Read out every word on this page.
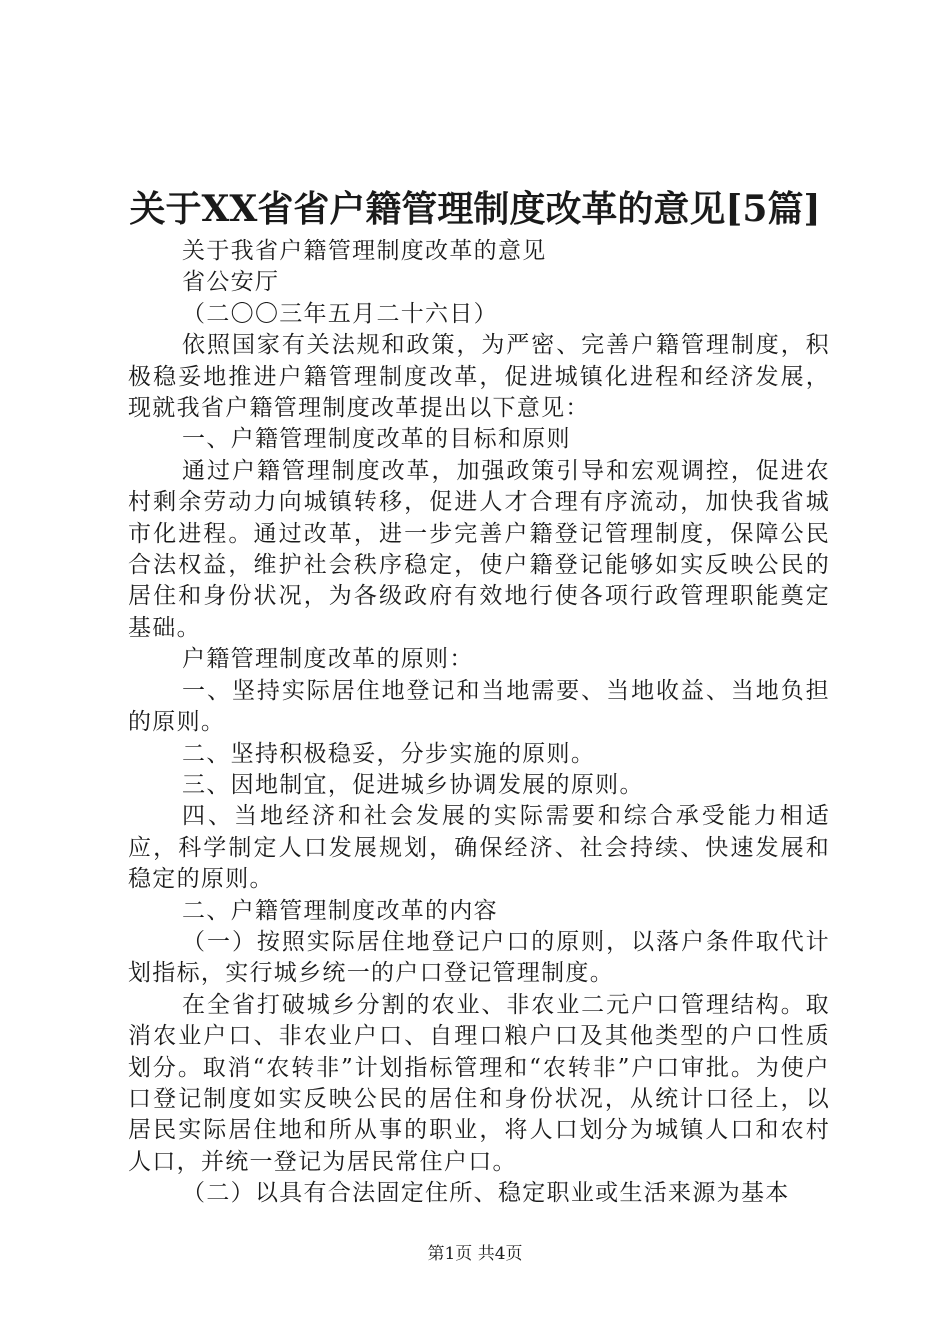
关于XX省省户籍管理制度改革的意见[5篇]

关于我省户籍管理制度改革的意见

省公安厅

（二〇〇三年五月二十六日）

依照国家有关法规和政策，为严密、完善户籍管理制度，积极稳妥地推进户籍管理制度改革，促进城镇化进程和经济发展，现就我省户籍管理制度改革提出以下意见：

一、户籍管理制度改革的目标和原则

通过户籍管理制度改革，加强政策引导和宏观调控，促进农村剩余劳动力向城镇转移，促进人才合理有序流动，加快我省城市化进程。通过改革，进一步完善户籍登记管理制度，保障公民合法权益，维护社会秩序稳定，使户籍登记能够如实反映公民的居住和身份状况，为各级政府有效地行使各项行政管理职能奠定基础。

户籍管理制度改革的原则：

一、坚持实际居住地登记和当地需要、当地收益、当地负担的原则。

二、坚持积极稳妥，分步实施的原则。

三、因地制宜，促进城乡协调发展的原则。

四、当地经济和社会发展的实际需要和综合承受能力相适应，科学制定人口发展规划，确保经济、社会持续、快速发展和稳定的原则。

二、户籍管理制度改革的内容

（一）按照实际居住地登记户口的原则，以落户条件取代计划指标，实行城乡统一的户口登记管理制度。

在全省打破城乡分割的农业、非农业二元户口管理结构。取消农业户口、非农业户口、自理口粮户口及其他类型的户口性质划分。取消“农转非”计划指标管理和“农转非”户口审批。为使户口登记制度如实反映公民的居住和身份状况，从统计口径上，以居民实际居住地和所从事的职业，将人口划分为城镇人口和农村人口，并统一登记为居民常住户口。

（二）以具有合法固定住所、稳定职业或生活来源为基本

第1页 共4页
